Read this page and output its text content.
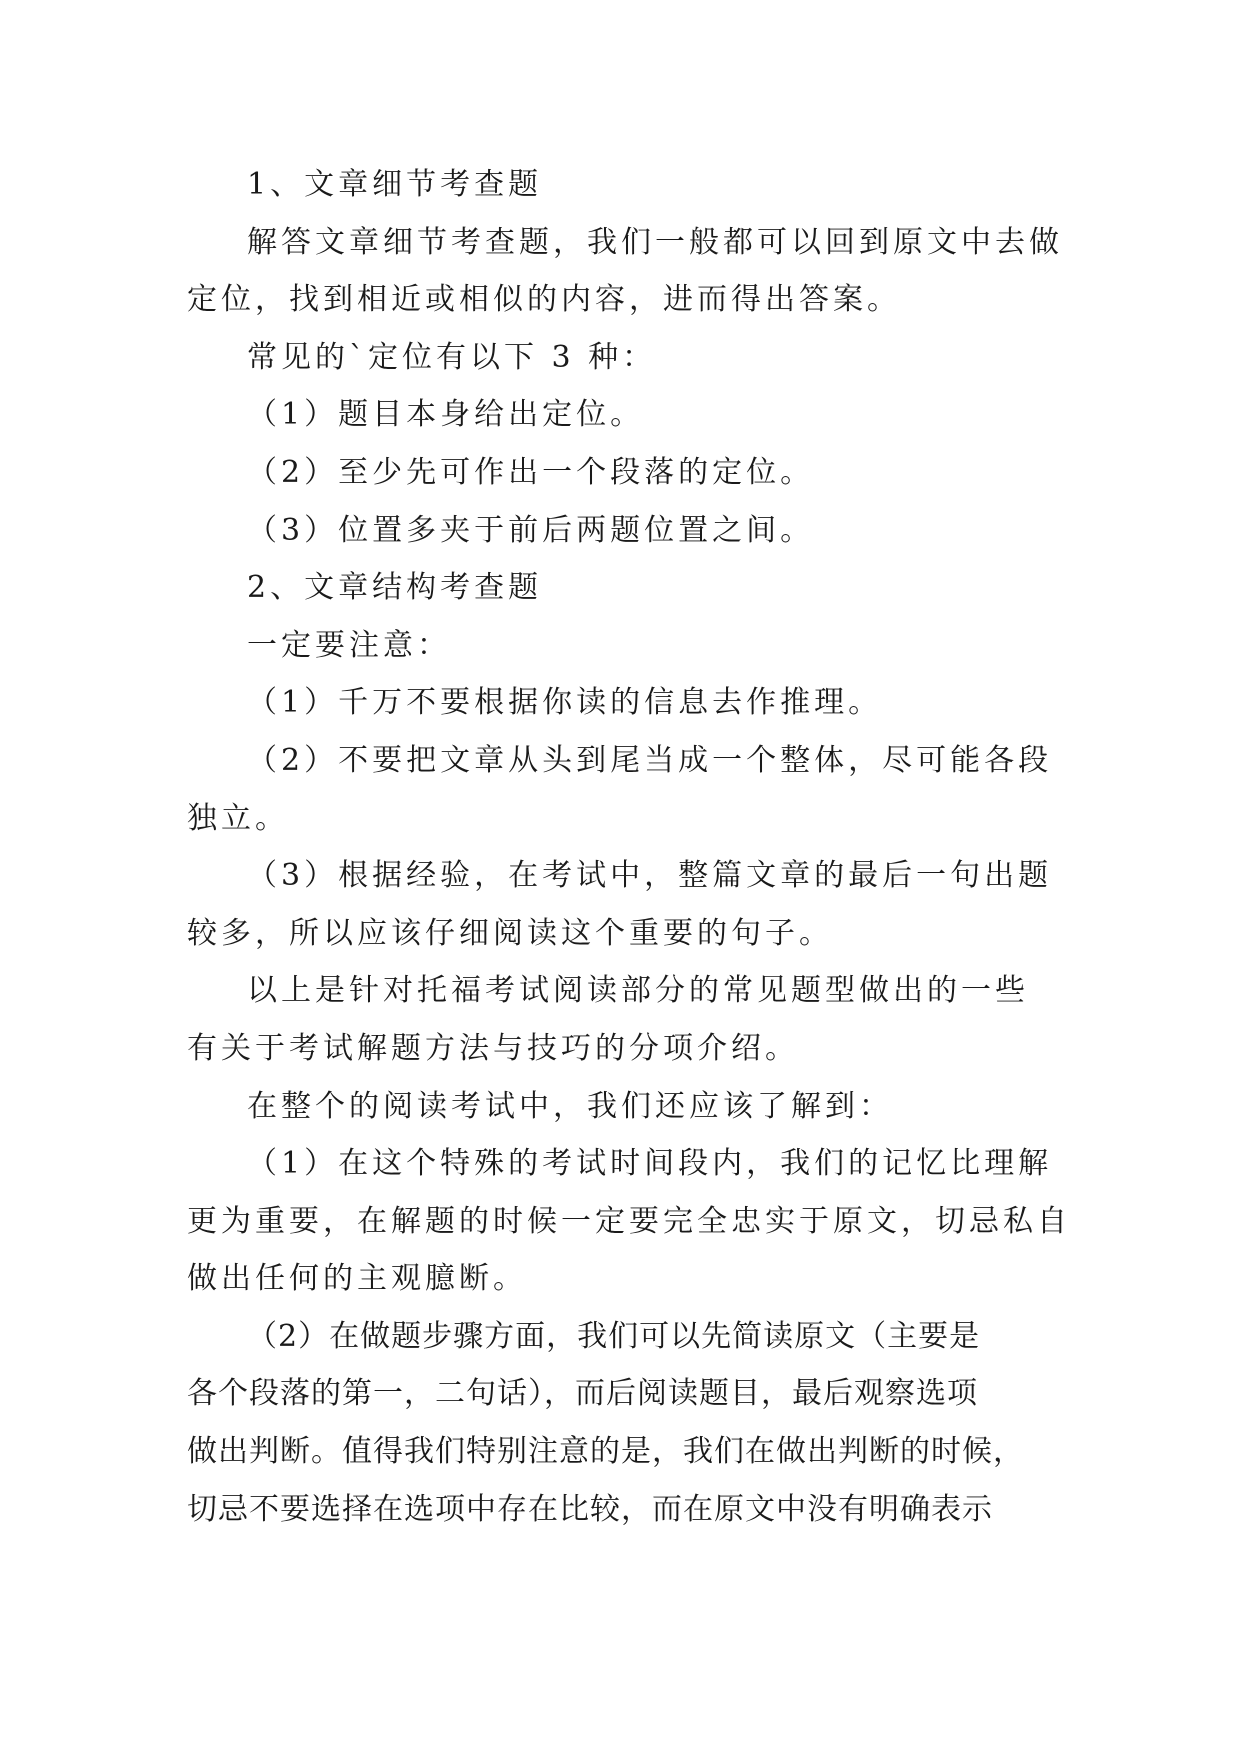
1、文章细节考查题

解答文章细节考查题，我们一般都可以回到原文中去做
定位，找到相近或相似的内容，进而得出答案。

常见的`定位有以下 3 种：

（1）题目本身给出定位。

（2）至少先可作出一个段落的定位。

（3）位置多夹于前后两题位置之间。

2、文章结构考查题

一定要注意：

（1）千万不要根据你读的信息去作推理。

（2）不要把文章从头到尾当成一个整体，尽可能各段
独立。

（3）根据经验，在考试中，整篇文章的最后一句出题
较多，所以应该仔细阅读这个重要的句子。

以上是针对托福考试阅读部分的常见题型做出的一些
有关于考试解题方法与技巧的分项介绍。

在整个的阅读考试中，我们还应该了解到：

（1）在这个特殊的考试时间段内，我们的记忆比理解
更为重要，在解题的时候一定要完全忠实于原文，切忌私自
做出任何的主观臆断。

（2）在做题步骤方面，我们可以先简读原文（主要是
各个段落的第一，二句话），而后阅读题目，最后观察选项
做出判断。值得我们特别注意的是，我们在做出判断的时候，
切忌不要选择在选项中存在比较，而在原文中没有明确表示
